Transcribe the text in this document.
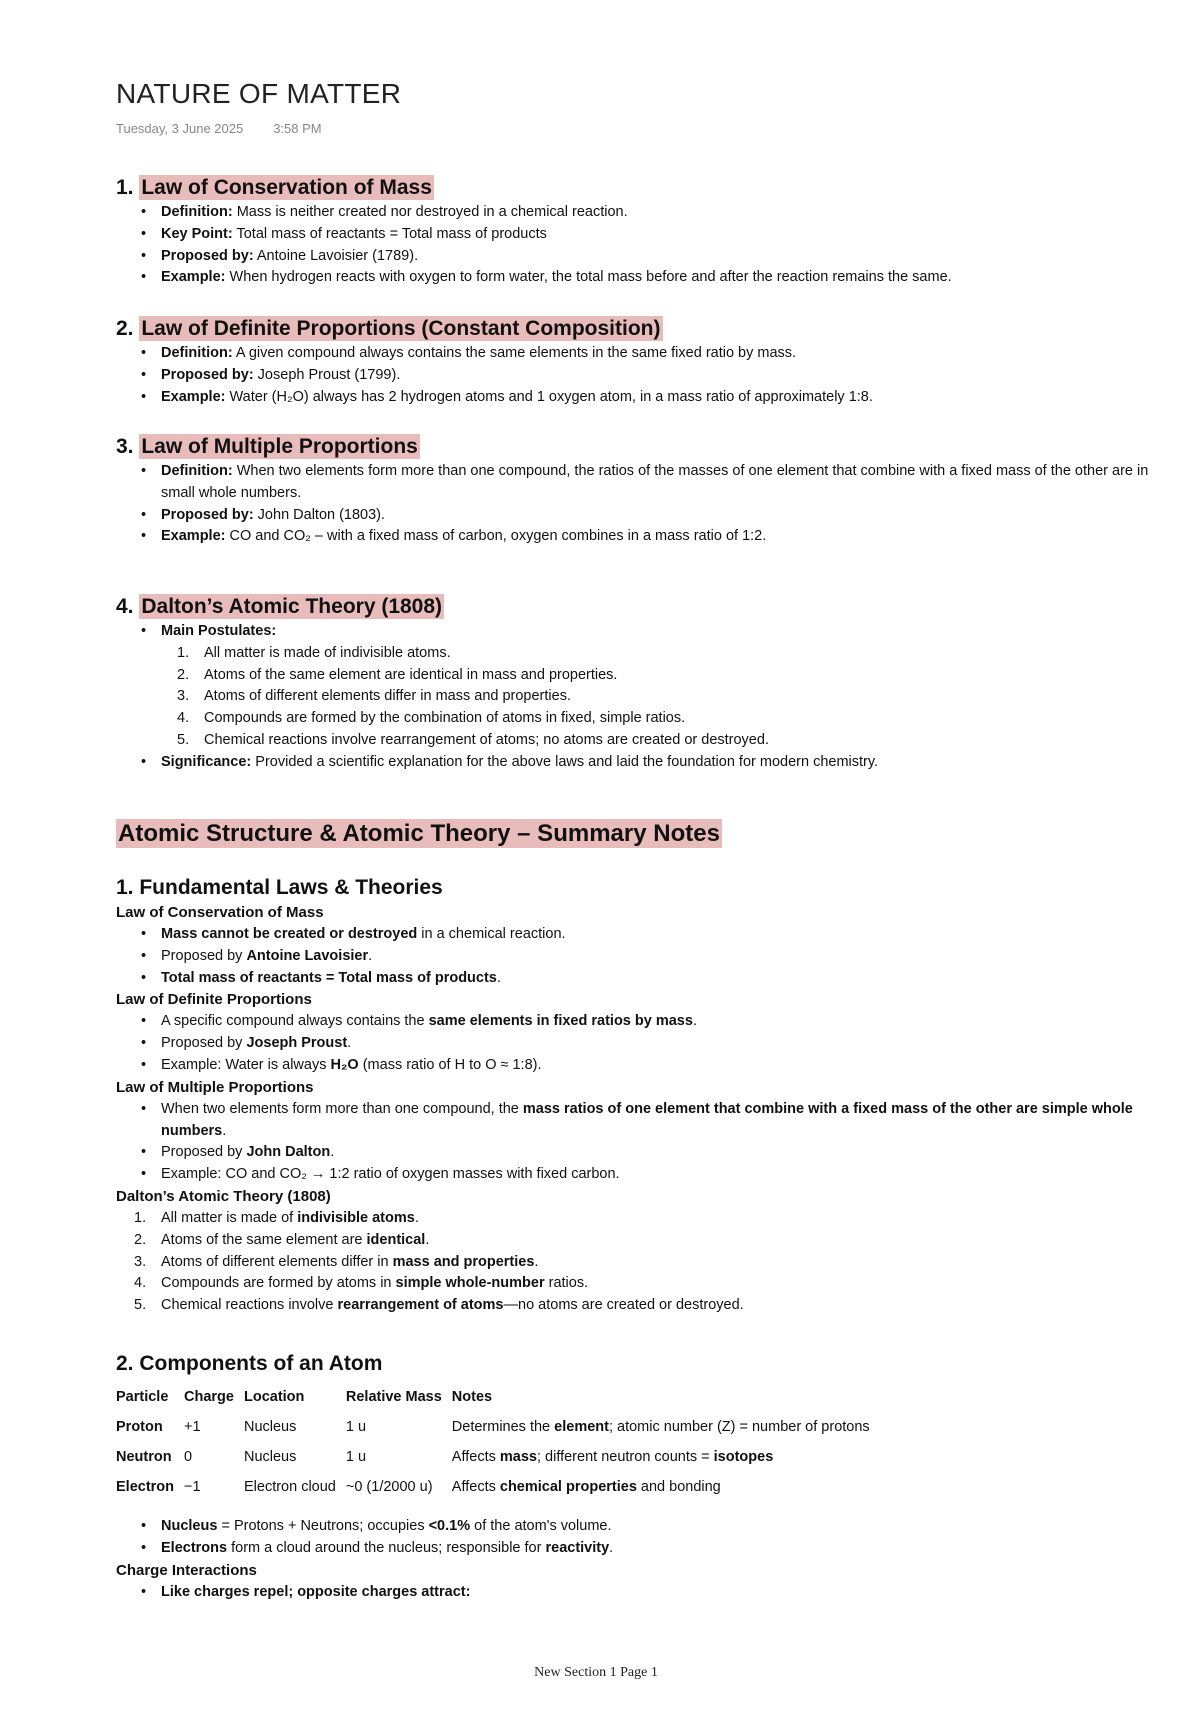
NATURE OF MATTER
Tuesday, 3 June 2025 3:58 PM
1. Law of Conservation of Mass
• Definition: Mass is neither created nor destroyed in a chemical reaction.
• Key Point: Total mass of reactants = Total mass of products
• Proposed by: Antoine Lavoisier (1789).
• Example: When hydrogen reacts with oxygen to form water, the total mass before and after the reaction remains the same.
2. Law of Definite Proportions (Constant Composition)
• Definition: A given compound always contains the same elements in the same fixed ratio by mass.
• Proposed by: Joseph Proust (1799).
• Example: Water (H₂O) always has 2 hydrogen atoms and 1 oxygen atom, in a mass ratio of approximately 1:8.
3. Law of Multiple Proportions
• Definition: When two elements form more than one compound, the ratios of the masses of one element that combine with a fixed mass of the other are in small whole numbers.
• Proposed by: John Dalton (1803).
• Example: CO and CO₂ – with a fixed mass of carbon, oxygen combines in a mass ratio of 1:2.
4. Dalton’s Atomic Theory (1808)
• Main Postulates:
1. All matter is made of indivisible atoms.
2. Atoms of the same element are identical in mass and properties.
3. Atoms of different elements differ in mass and properties.
4. Compounds are formed by the combination of atoms in fixed, simple ratios.
5. Chemical reactions involve rearrangement of atoms; no atoms are created or destroyed.
• Significance: Provided a scientific explanation for the above laws and laid the foundation for modern chemistry.
Atomic Structure & Atomic Theory – Summary Notes
1. Fundamental Laws & Theories
Law of Conservation of Mass
• Mass cannot be created or destroyed in a chemical reaction.
• Proposed by Antoine Lavoisier.
• Total mass of reactants = Total mass of products.
Law of Definite Proportions
• A specific compound always contains the same elements in fixed ratios by mass.
• Proposed by Joseph Proust.
• Example: Water is always H₂O (mass ratio of H to O ≈ 1:8).
Law of Multiple Proportions
• When two elements form more than one compound, the mass ratios of one element that combine with a fixed mass of the other are simple whole numbers.
• Proposed by John Dalton.
• Example: CO and CO₂ → 1:2 ratio of oxygen masses with fixed carbon.
Dalton’s Atomic Theory (1808)
1. All matter is made of indivisible atoms.
2. Atoms of the same element are identical.
3. Atoms of different elements differ in mass and properties.
4. Compounds are formed by atoms in simple whole-number ratios.
5. Chemical reactions involve rearrangement of atoms—no atoms are created or destroyed.
2. Components of an Atom
Particle	Charge	Location	Relative Mass	Notes
Proton	+1	Nucleus	1 u	Determines the element; atomic number (Z) = number of protons
Neutron	0	Nucleus	1 u	Affects mass; different neutron counts = isotopes
Electron	−1	Electron cloud	~0 (1/2000 u)	Affects chemical properties and bonding
• Nucleus = Protons + Neutrons; occupies <0.1% of the atom's volume.
• Electrons form a cloud around the nucleus; responsible for reactivity.
Charge Interactions
• Like charges repel; opposite charges attract:
New Section 1 Page 1
